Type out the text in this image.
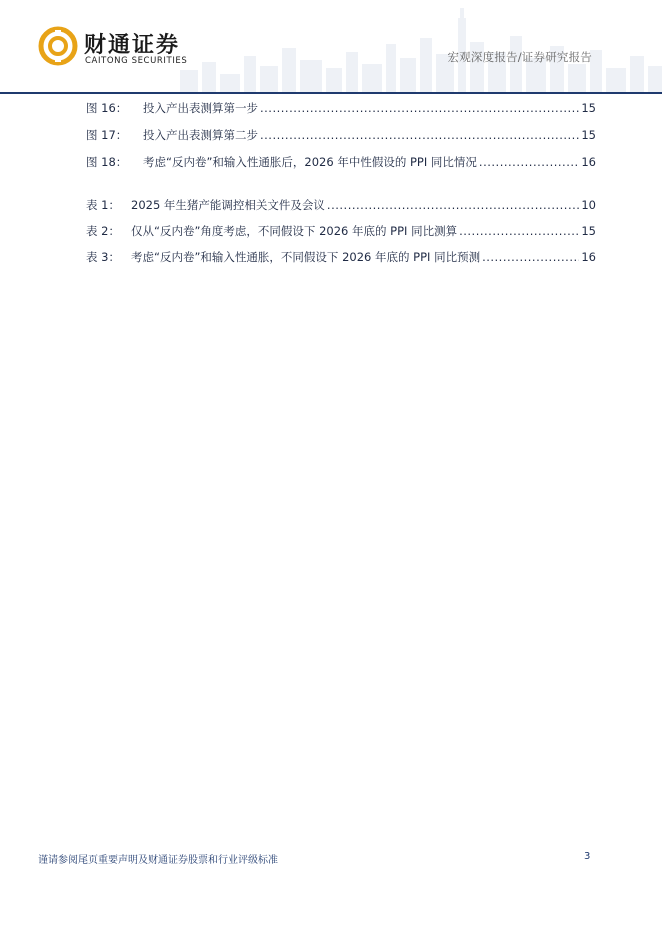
财通证券
CAITONG SECURITIES	宏观深度报告/证券研究报告
图 16：	投入产出表测算第一步 .....	15
图 17：	投入产出表测算第二步 .....	15
图 18：	考虑“反内卷”和输入性通胀后，2026 年中性假设的 PPI 同比情况 .....	16
表 1： 2025 年生猪产能调控相关文件及会议 .....	10
表 2： 仅从“反内卷”角度考虑，不同假设下 2026 年底的 PPI 同比测算 .....	15
表 3： 考虑“反内卷”和输入性通胀，不同假设下 2026 年底的 PPI 同比预测 .....	16
谨请参阅尾页重要声明及财通证券股票和行业评级标准	3
